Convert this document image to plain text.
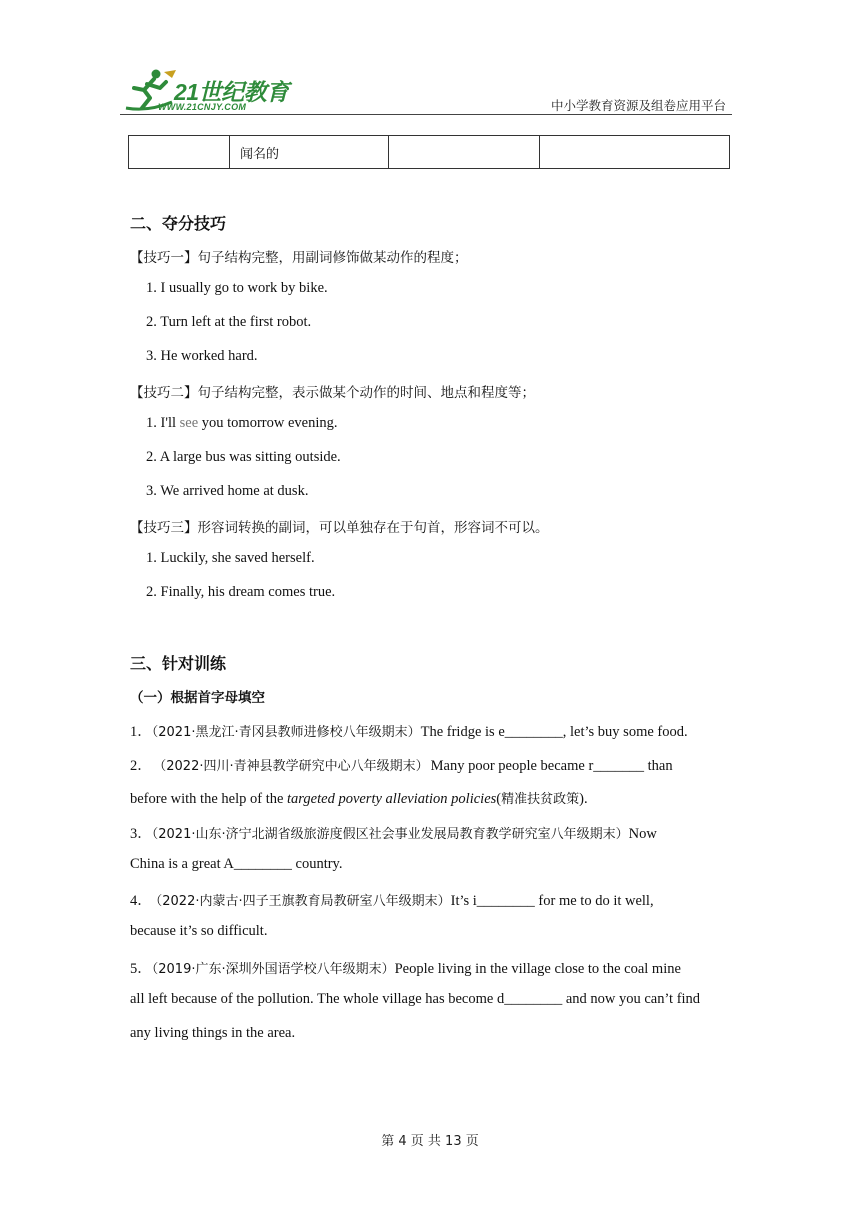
21世纪教育
WWW.21CNJY.COM	中小学教育资源及组卷应用平台
	闻名的		
二、夺分技巧
【技巧一】句子结构完整，用副词修饰做某动作的程度；
1. I usually go to work by bike.
2. Turn left at the first robot.
3. He worked hard.
【技巧二】句子结构完整，表示做某个动作的时间、地点和程度等；
1. I'll see you tomorrow evening.
2. A large bus was sitting outside.
3. We arrived home at dusk.
【技巧三】形容词转换的副词，可以单独存在于句首，形容词不可以。
1. Luckily, she saved herself.
2. Finally, his dream comes true.
三、针对训练
（一）根据首字母填空
1．（2021·黑龙江·青冈县教师进修校八年级期末）The fridge is e________, let’s buy some food.
2． （2022·四川·青神县教学研究中心八年级期末） Many poor people became r_______ than
before with the help of the targeted poverty alleviation policies(精准扶贫政策).
3．（2021·山东·济宁北湖省级旅游度假区社会事业发展局教育教学研究室八年级期末）Now
China is a great A________ country.
4． （2022·内蒙古·四子王旗教育局教研室八年级期末）It’s i________ for me to do it well,
because it’s so difficult.
5．（2019·广东·深圳外国语学校八年级期末）People living in the village close to the coal mine
all left because of the pollution. The whole village has become d________ and now you can’t find
any living things in the area.
第 4 页 共 13 页
